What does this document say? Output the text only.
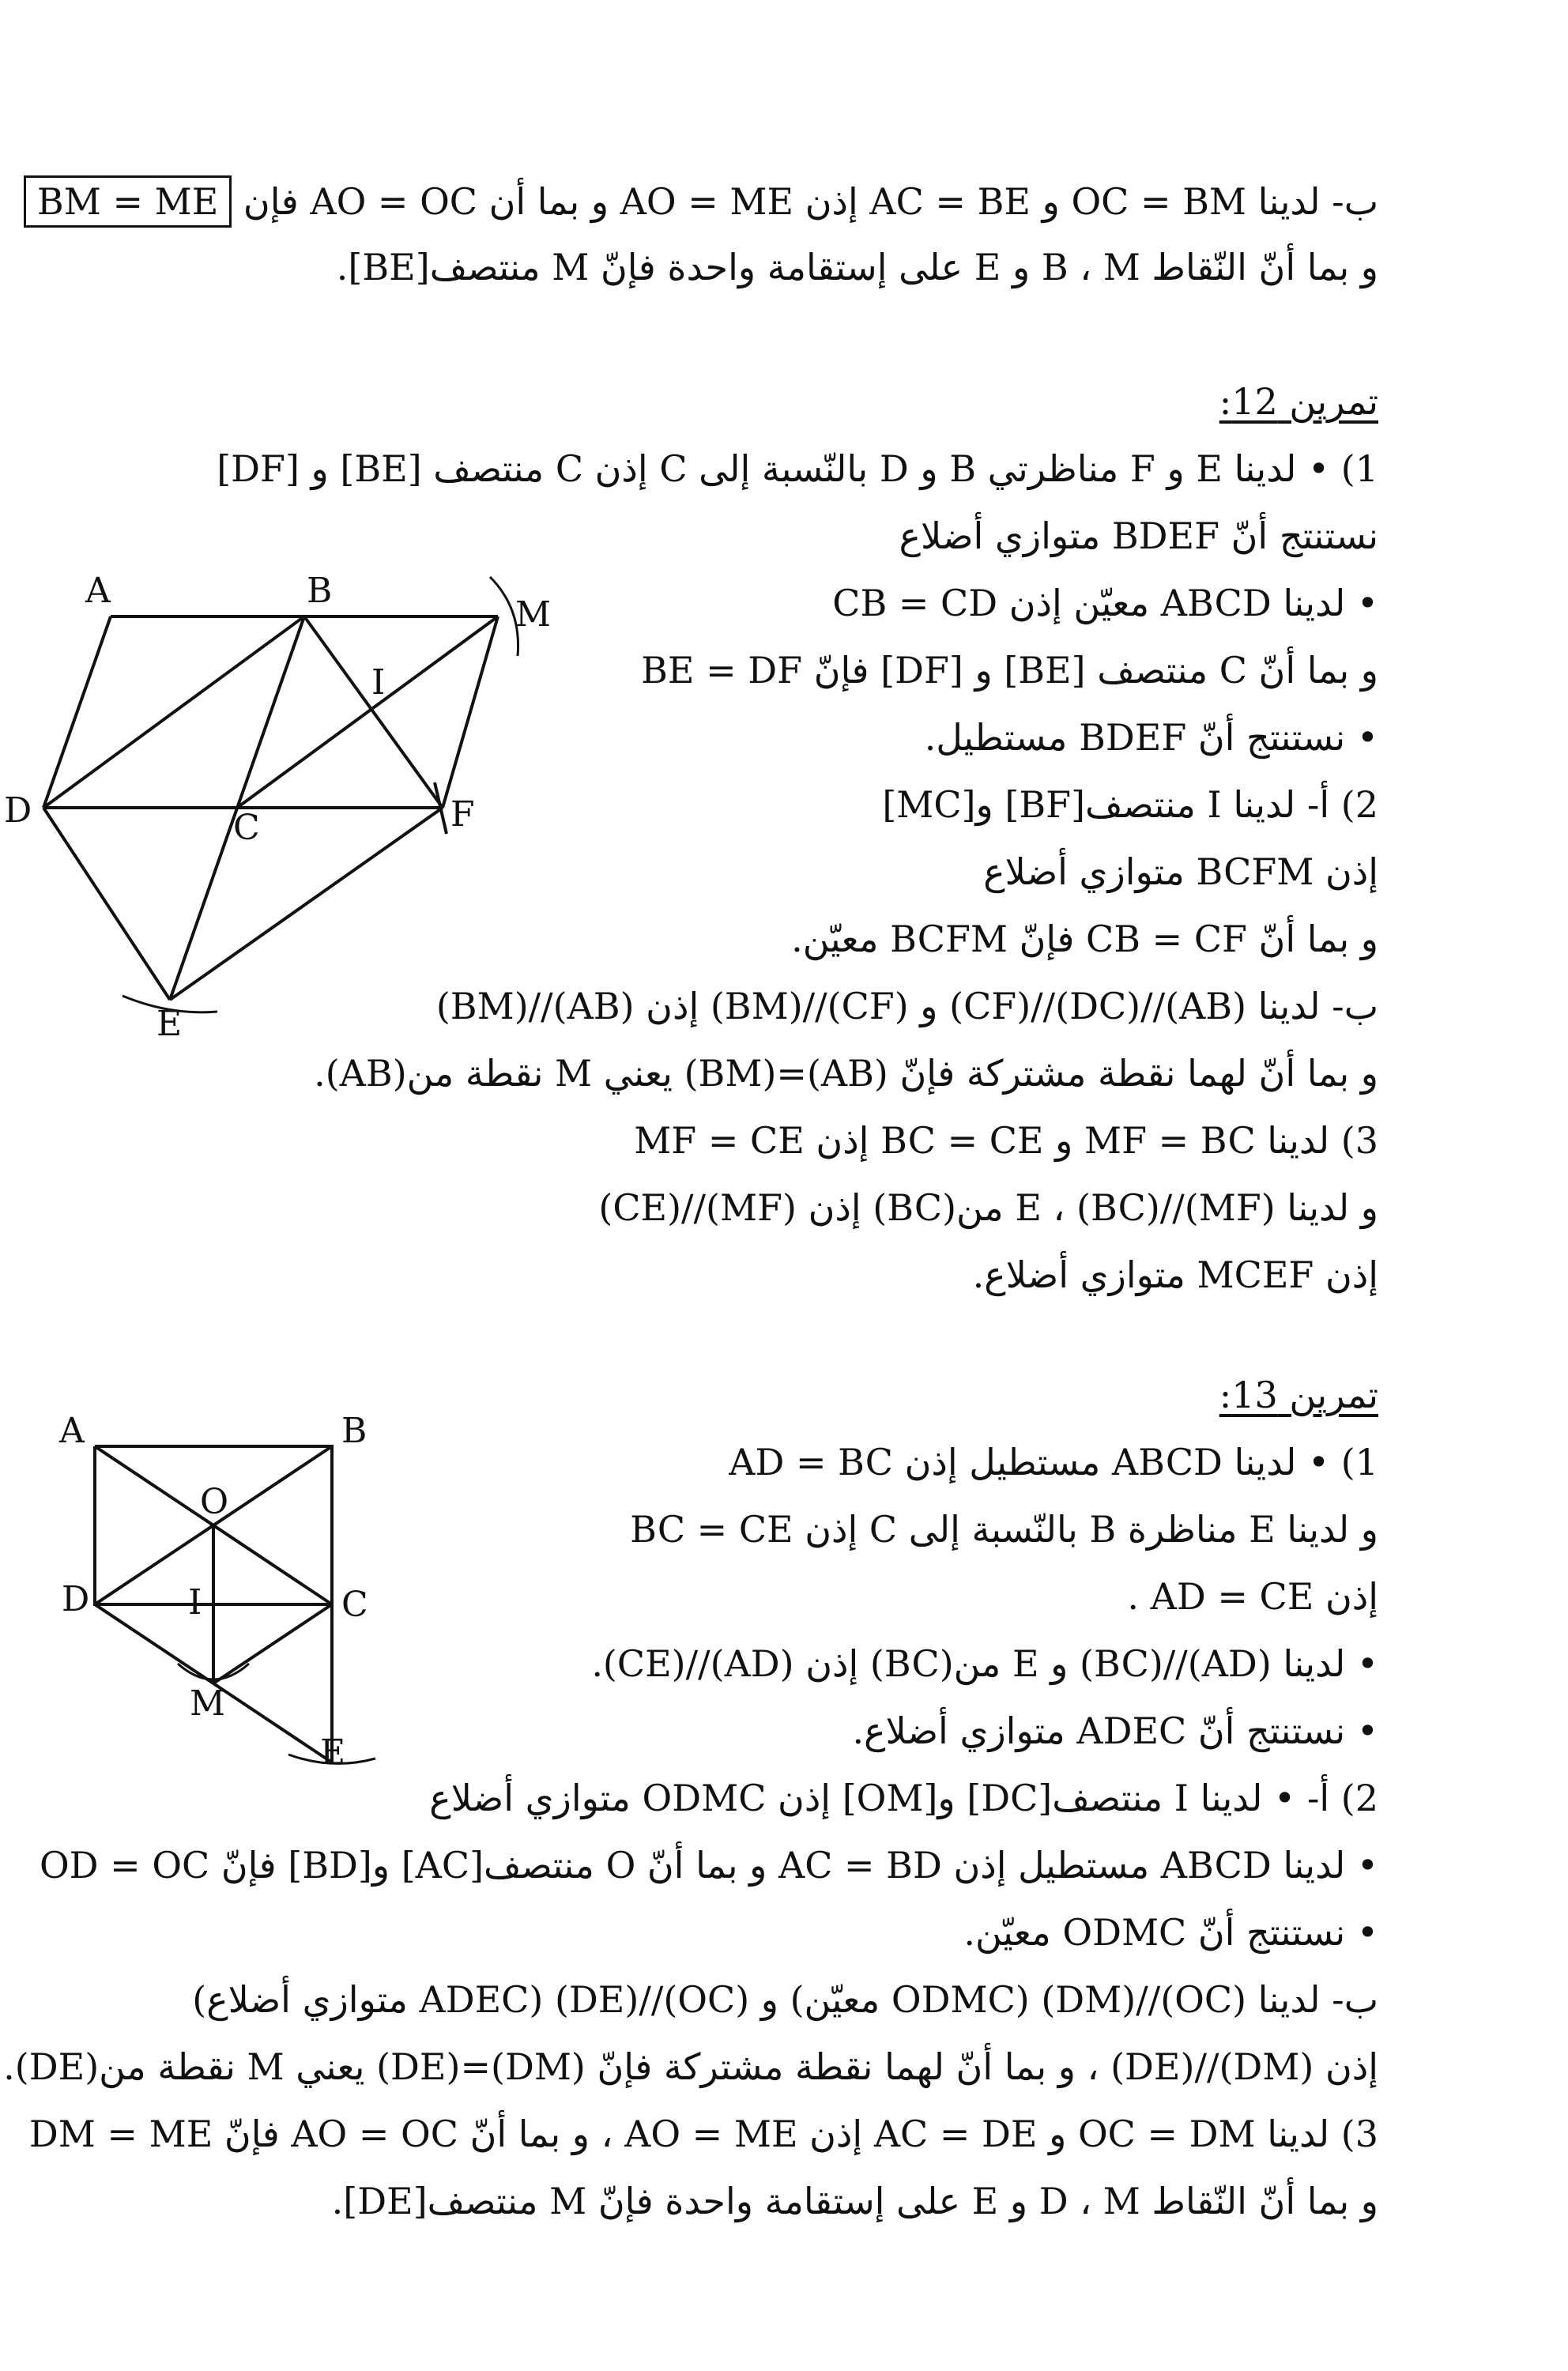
ب- لدينا OC = BM و AC = BE إذن AO = ME و بما أن AO = OC فإن BM = ME
و بما أنّ النّقاط B ، M و E على إستقامة واحدة فإنّ M منتصف[BE].
تمرين 12:
1) • لدينا E و F مناظرتي B و D بالنّسبة إلى C إذن C منتصف [BE] و [DF]
نستنتج أنّ BDEF متوازي أضلاع
• لدينا ABCD معيّن إذن CB = CD
و بما أنّ C منتصف [BE] و [DF] فإنّ BE = DF
• نستنتج أنّ BDEF مستطيل.
2) أ- لدينا I منتصف[BF] و[MC]
إذن BCFM متوازي أضلاع
و بما أنّ CB = CF فإنّ BCFM معيّن.
ب- لدينا (AB)//(DC)//(CF) و (CF)//(BM) إذن (AB)//(BM)
و بما أنّ لهما نقطة مشتركة فإنّ (AB)=(BM) يعني M نقطة من(AB).
3) لدينا MF = BC و BC = CE إذن MF = CE
و لدينا (MF)//(BC) ، E من(BC) إذن (MF)//(CE)
إذن MCEF متوازي أضلاع.
A	B
M
I
D	C	F
E
تمرين 13:
1) • لدينا ABCD مستطيل إذن AD = BC
و لدينا E مناظرة B بالنّسبة إلى C إذن BC = CE
إذن AD = CE .
• لدينا (AD)//(BC) و E من(BC) إذن (AD)//(CE).
• نستنتج أنّ ADEC متوازي أضلاع.
2) أ- • لدينا I منتصف[DC] و[OM] إذن ODMC متوازي أضلاع
• لدينا ABCD مستطيل إذن AC = BD و بما أنّ O منتصف[AC] و[BD] فإنّ OD = OC
• نستنتج أنّ ODMC معيّن.
ب- لدينا (OC)//(DM) (ODMC معيّن) و (OC)//(DE) (ADEC متوازي أضلاع)
إذن (DM)//(DE) ، و بما أنّ لهما نقطة مشتركة فإنّ (DM)=(DE) يعني M نقطة من(DE).
3) لدينا OC = DM و AC = DE إذن AO = ME ، و بما أنّ AO = OC فإنّ DM = ME
و بما أنّ النّقاط D ، M و E على إستقامة واحدة فإنّ M منتصف[DE].
A	B
O
D	I	C
M
E
